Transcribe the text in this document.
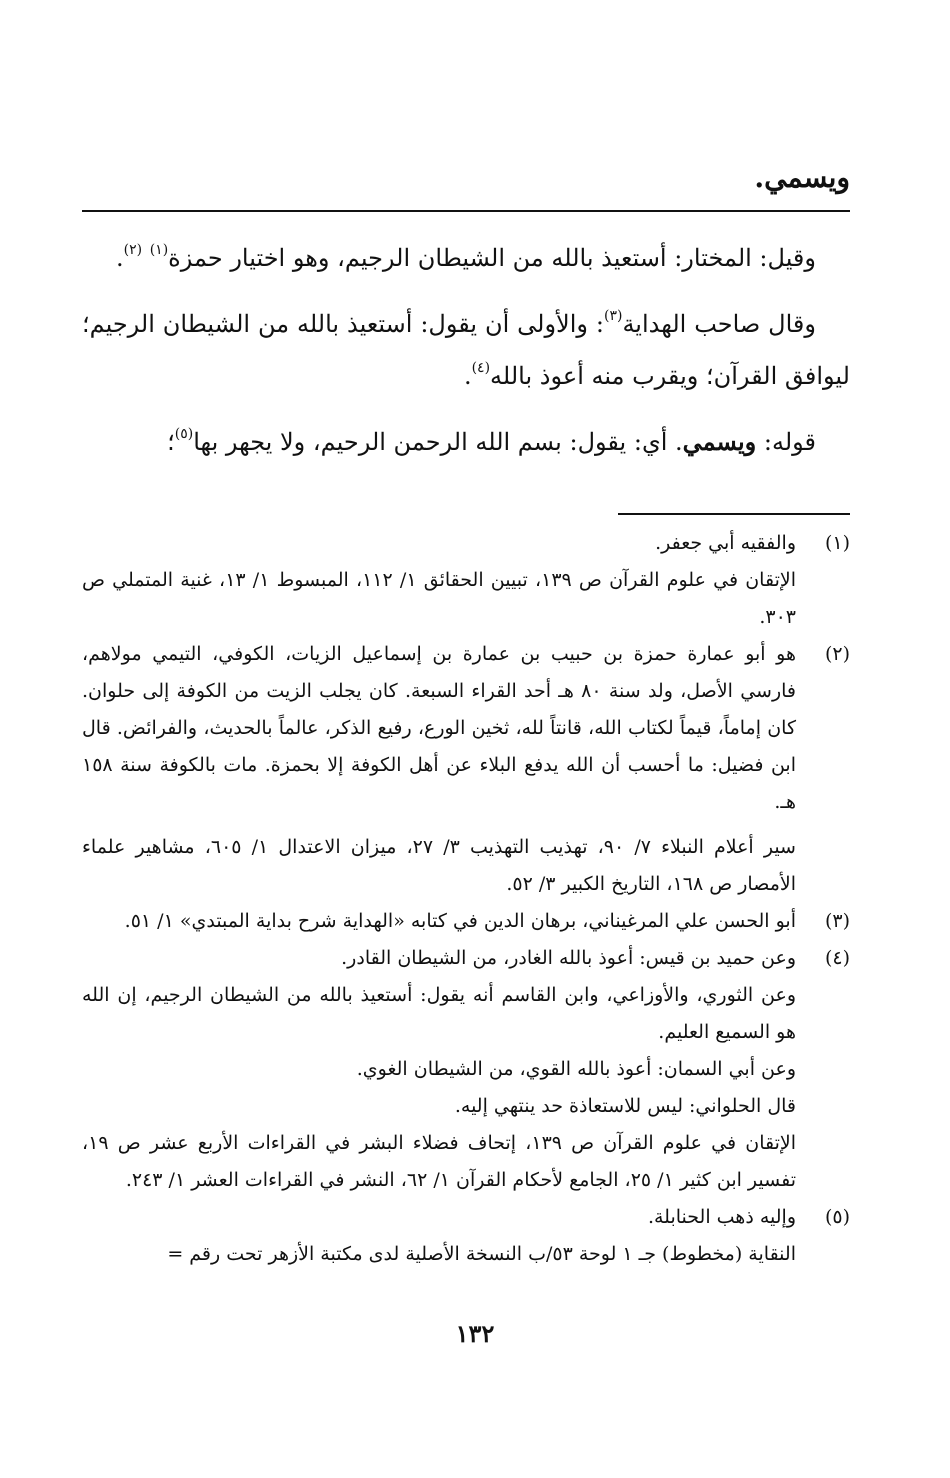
ويسمي.

وقيل: المختار: أستعيذ بالله من الشيطان الرجيم، وهو اختيار حمزة$^{(١)}$ $^{(٢)}$.

وقال صاحب الهداية$^{(٣)}$: والأولى أن يقول: أستعيذ بالله من الشيطان الرجيم؛ ليوافق القرآن؛ ويقرب منه أعوذ بالله$^{(٤)}$.

قوله: ويسمي. أي: يقول: بسم الله الرحمن الرحيم، ولا يجهر بها$^{(٥)}$؛

(١)

والفقيه أبي جعفر.

الإتقان في علوم القرآن ص ١٣٩، تبيين الحقائق ١/ ١١٢، المبسوط ١/ ١٣، غنية المتملي ص ٣٠٣.

(٢)

هو أبو عمارة حمزة بن حبيب بن عمارة بن إسماعيل الزيات، الكوفي، التيمي مولاهم، فارسي الأصل، ولد سنة ٨٠ هـ أحد القراء السبعة. كان يجلب الزيت من الكوفة إلى حلوان. كان إماماً، قيماً لكتاب الله، قانتاً لله، ثخين الورع، رفيع الذكر، عالماً بالحديث، والفرائض. قال ابن فضيل: ما أحسب أن الله يدفع البلاء عن أهل الكوفة إلا بحمزة. مات بالكوفة سنة ١٥٨ هـ.

سير أعلام النبلاء ٧/ ٩٠، تهذيب التهذيب ٣/ ٢٧، ميزان الاعتدال ١/ ٦٠٥، مشاهير علماء الأمصار ص ١٦٨، التاريخ الكبير ٣/ ٥٢.

(٣)

أبو الحسن علي المرغيناني، برهان الدين في كتابه «الهداية شرح بداية المبتدي» ١/ ٥١.

(٤)

وعن حميد بن قيس: أعوذ بالله الغادر، من الشيطان القادر.

وعن الثوري، والأوزاعي، وابن القاسم أنه يقول: أستعيذ بالله من الشيطان الرجيم، إن الله هو السميع العليم.

وعن أبي السمان: أعوذ بالله القوي، من الشيطان الغوي.

قال الحلواني: ليس للاستعاذة حد ينتهي إليه.

الإتقان في علوم القرآن ص ١٣٩، إتحاف فضلاء البشر في القراءات الأربع عشر ص ١٩، تفسير ابن كثير ١/ ٢٥، الجامع لأحكام القرآن ١/ ٦٢، النشر في القراءات العشر ١/ ٢٤٣.

(٥)

وإليه ذهب الحنابلة.

النقاية (مخطوط) جـ ١ لوحة ٥٣/ب النسخة الأصلية لدى مكتبة الأزهر تحت رقم =

١٣٢
